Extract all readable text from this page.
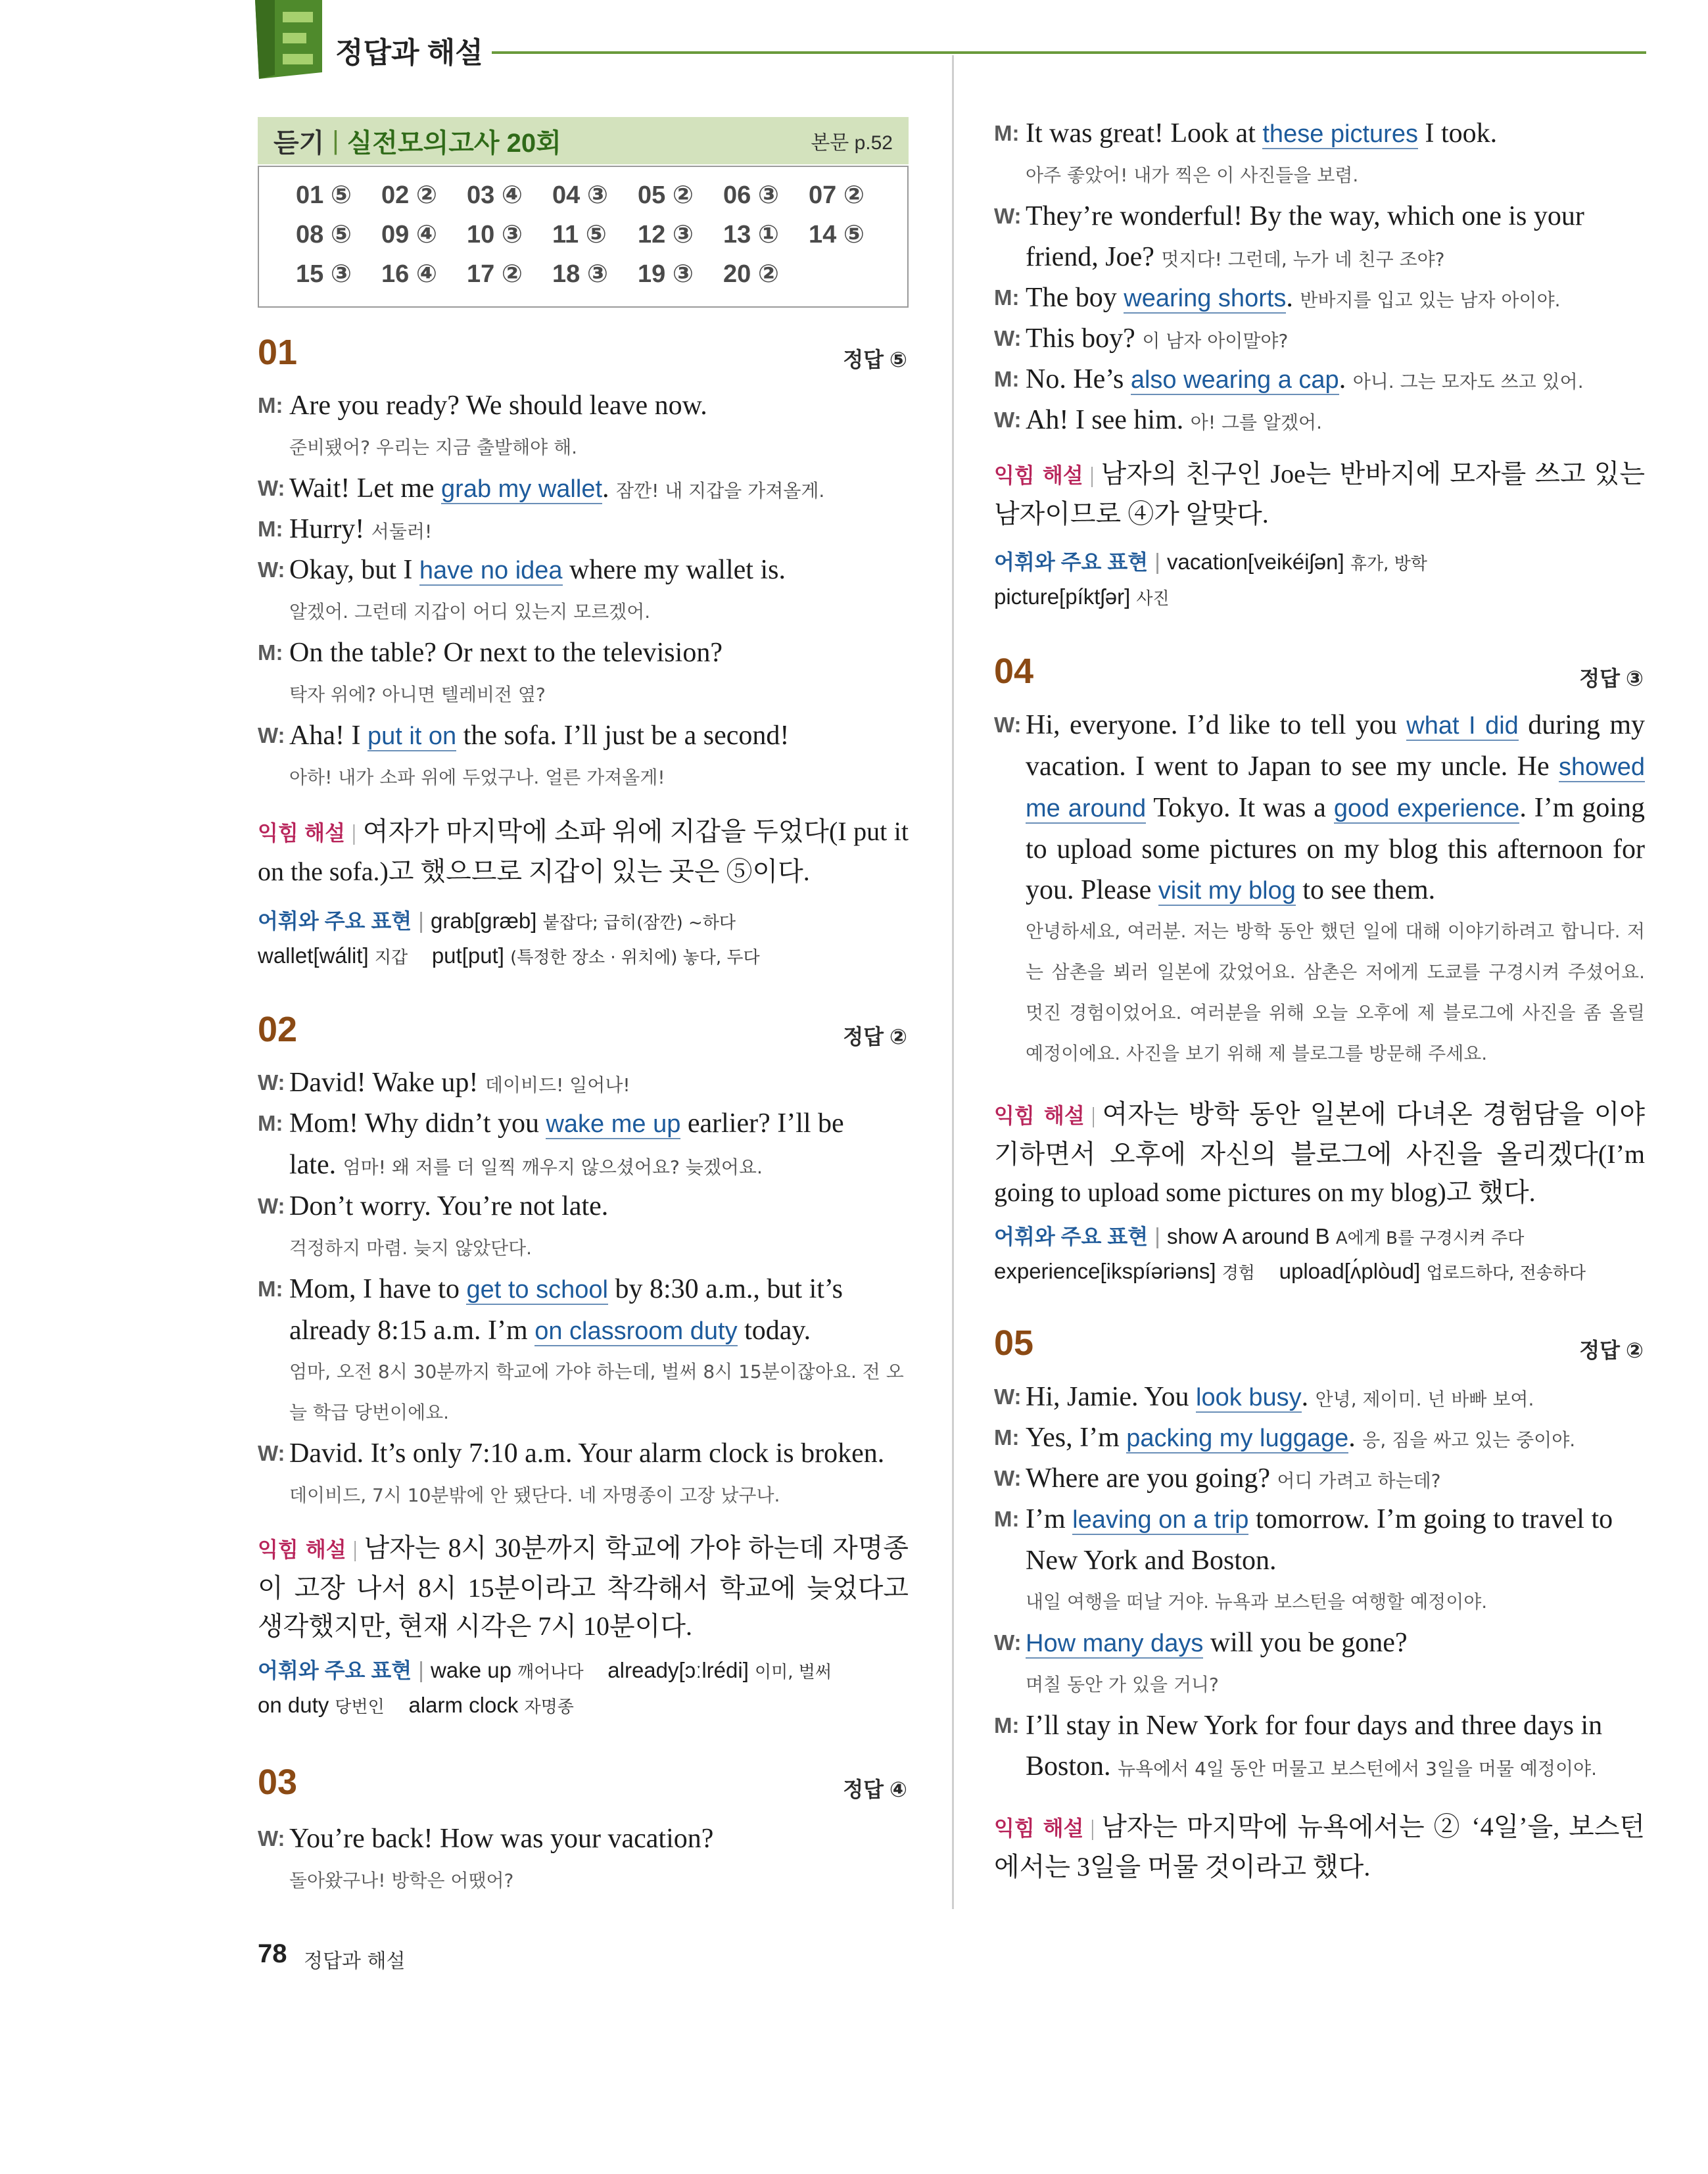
정답과 해설
듣기 | 실전모의고사 20회	본문 p.52
01 ⑤ 02 ② 03 ④ 04 ③ 05 ② 06 ③ 07 ②
08 ⑤ 09 ④ 10 ③ 11 ⑤ 12 ③ 13 ① 14 ⑤
15 ③ 16 ④ 17 ② 18 ③ 19 ③ 20 ②
01	정답 ⑤
M: Are you ready? We should leave now.
준비됐어? 우리는 지금 출발해야 해.
W: Wait! Let me grab my wallet. 잠깐! 내 지갑을 가져올게.
M: Hurry! 서둘러!
W: Okay, but I have no idea where my wallet is.
알겠어. 그런데 지갑이 어디 있는지 모르겠어.
M: On the table? Or next to the television?
탁자 위에? 아니면 텔레비전 옆?
W: Aha! I put it on the sofa. I’ll just be a second!
아하! 내가 소파 위에 두었구나. 얼른 가져올게!
익힘 해설 | 여자가 마지막에 소파 위에 지갑을 두었다(I put it on the sofa.)고 했으므로 지갑이 있는 곳은 ⑤이다.
어휘와 주요 표현 | grab[græb] 붙잡다; 급히(잠깐) ~하다
wallet[wálit] 지갑 put[put] (특정한 장소 · 위치에) 놓다, 두다
02	정답 ②
W: David! Wake up! 데이비드! 일어나!
M: Mom! Why didn’t you wake me up earlier? I’ll be
late. 엄마! 왜 저를 더 일찍 깨우지 않으셨어요? 늦겠어요.
W: Don’t worry. You’re not late.
걱정하지 마렴. 늦지 않았단다.
M: Mom, I have to get to school by 8:30 a.m., but it’s
already 8:15 a.m. I’m on classroom duty today.
엄마, 오전 8시 30분까지 학교에 가야 하는데, 벌써 8시 15분이잖아요. 전 오
늘 학급 당번이에요.
W: David. It’s only 7:10 a.m. Your alarm clock is broken.
데이비드, 7시 10분밖에 안 됐단다. 네 자명종이 고장 났구나.
익힘 해설 | 남자는 8시 30분까지 학교에 가야 하는데 자명종이 고장 나서 8시 15분이라고 착각해서 학교에 늦었다고 생각했지만, 현재 시각은 7시 10분이다.
어휘와 주요 표현 | wake up 깨어나다 already[ɔːlrédi] 이미, 벌써
on duty 당번인 alarm clock 자명종
03	정답 ④
W: You’re back! How was your vacation?
돌아왔구나! 방학은 어땠어?
M: It was great! Look at these pictures I took.
아주 좋았어! 내가 찍은 이 사진들을 보렴.
W: They’re wonderful! By the way, which one is your
friend, Joe? 멋지다! 그런데, 누가 네 친구 조야?
M: The boy wearing shorts. 반바지를 입고 있는 남자 아이야.
W: This boy? 이 남자 아이말야?
M: No. He’s also wearing a cap. 아니. 그는 모자도 쓰고 있어.
W: Ah! I see him. 아! 그를 알겠어.
익힘 해설 | 남자의 친구인 Joe는 반바지에 모자를 쓰고 있는 남자이므로 ④가 알맞다.
어휘와 주요 표현 | vacation[veikéiʃən] 휴가, 방학
picture[píktʃər] 사진
04	정답 ③
W: Hi, everyone. I’d like to tell you what I did during my vacation. I went to Japan to see my uncle. He showed me around Tokyo. It was a good experience. I’m going to upload some pictures on my blog this afternoon for you. Please visit my blog to see them.
안녕하세요, 여러분. 저는 방학 동안 했던 일에 대해 이야기하려고 합니다. 저는 삼촌을 뵈러 일본에 갔었어요. 삼촌은 저에게 도쿄를 구경시켜 주셨어요. 멋진 경험이었어요. 여러분을 위해 오늘 오후에 제 블로그에 사진을 좀 올릴 예정이에요. 사진을 보기 위해 제 블로그를 방문해 주세요.
익힘 해설 | 여자는 방학 동안 일본에 다녀온 경험담을 이야기하면서 오후에 자신의 블로그에 사진을 올리겠다(I’m going to upload some pictures on my blog)고 했다.
어휘와 주요 표현 | show A around B A에게 B를 구경시켜 주다
experience[ikspíəriəns] 경험 upload[ʌ́plòud] 업로드하다, 전송하다
05	정답 ②
W: Hi, Jamie. You look busy. 안녕, 제이미. 넌 바빠 보여.
M: Yes, I’m packing my luggage. 응, 짐을 싸고 있는 중이야.
W: Where are you going? 어디 가려고 하는데?
M: I’m leaving on a trip tomorrow. I’m going to travel to
New York and Boston.
내일 여행을 떠날 거야. 뉴욕과 보스턴을 여행할 예정이야.
W: How many days will you be gone?
며칠 동안 가 있을 거니?
M: I’ll stay in New York for four days and three days in
Boston. 뉴욕에서 4일 동안 머물고 보스턴에서 3일을 머물 예정이야.
익힘 해설 | 남자는 마지막에 뉴욕에서는 ② ‘4일’을, 보스턴에서는 3일을 머물 것이라고 했다.
78 정답과 해설
